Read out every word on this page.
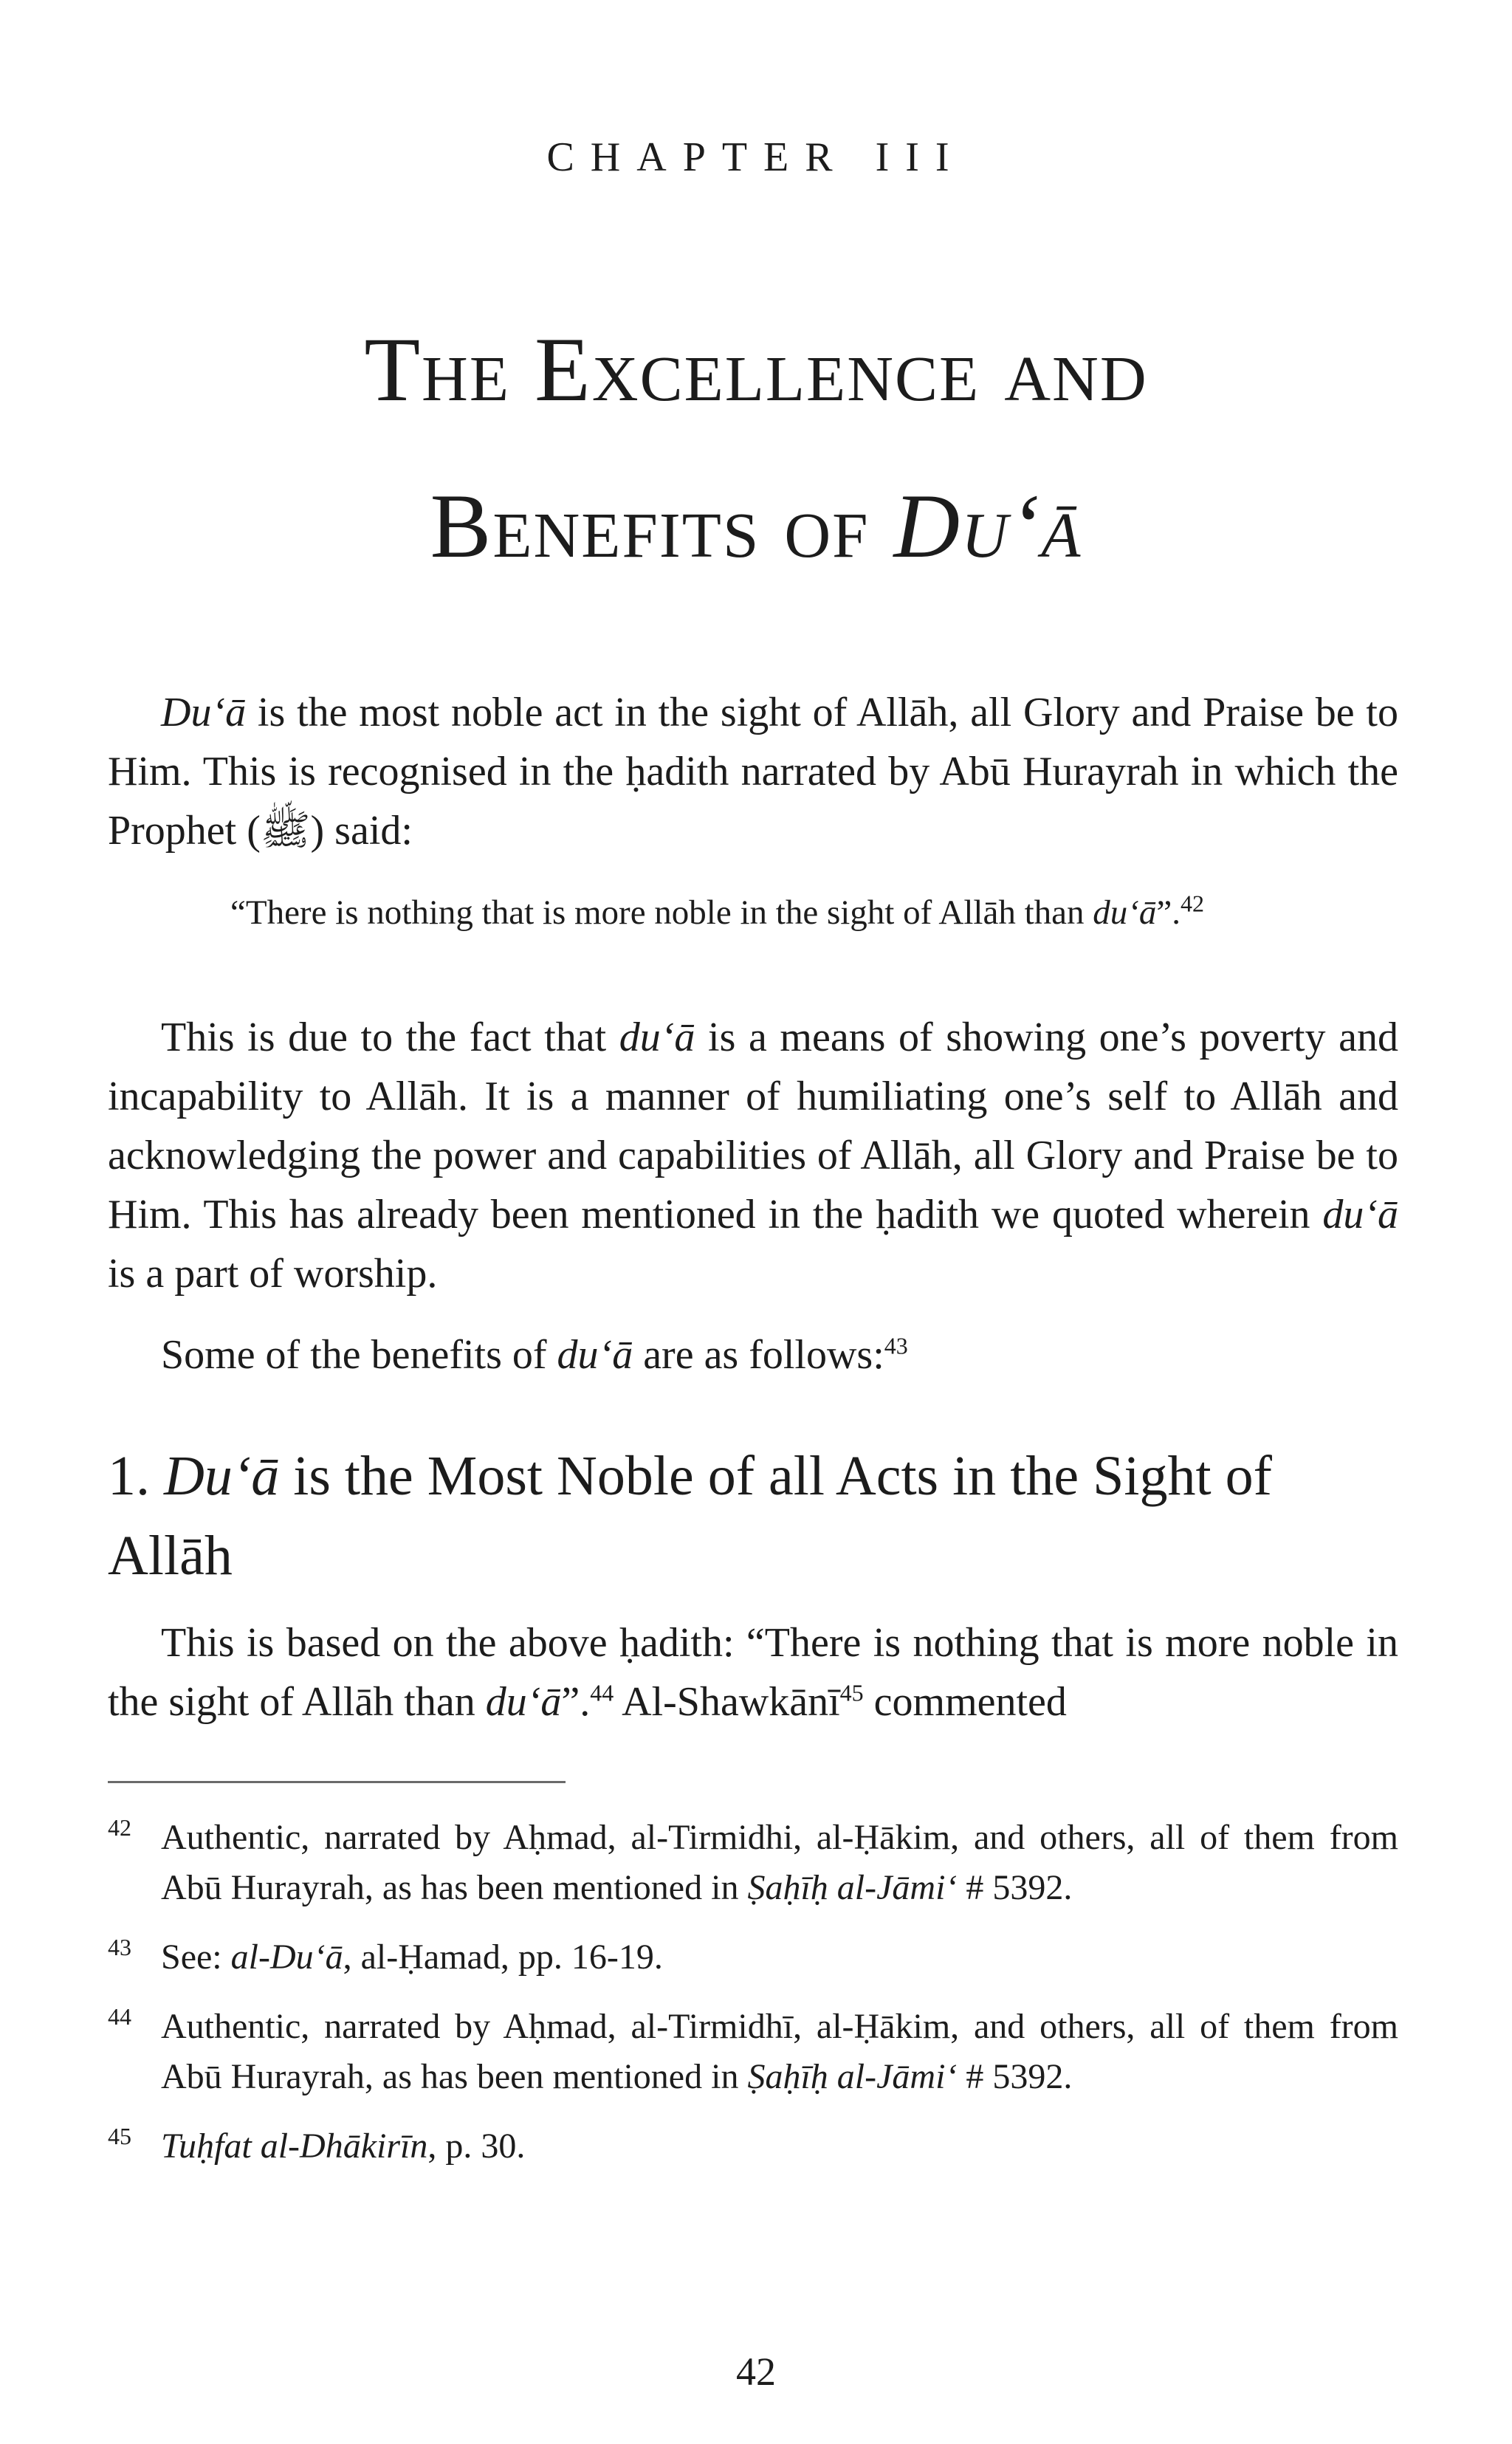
CHAPTER III
The Excellence and
Benefits of Du‘ā

Du‘ā is the most noble act in the sight of Allāh, all Glory and Praise be to Him. This is recognised in the ḥadith narrated by Abū Hurayrah in which the Prophet (ﷺ) said:

“There is nothing that is more noble in the sight of Allāh than du‘ā”.$^{42}$

This is due to the fact that du‘ā is a means of showing one’s poverty and incapability to Allāh. It is a manner of humiliating one’s self to Allāh and acknowledging the power and capabilities of Allāh, all Glory and Praise be to Him. This has already been mentioned in the ḥadith we quoted wherein du‘ā is a part of worship.

Some of the benefits of du‘ā are as follows:$^{43}$

1. Du‘ā is the Most Noble of all Acts in the Sight of Allāh

This is based on the above ḥadith: “There is nothing that is more noble in the sight of Allāh than du‘ā”.$^{44}$ Al-Shawkānī$^{45}$ commented

42 Authentic, narrated by Aḥmad, al-Tirmidhi, al-Ḥākim, and others, all of them from Abū Hurayrah, as has been mentioned in Ṣaḥīḥ al-Jāmi‘ # 5392.
43 See: al-Du‘ā, al-Ḥamad, pp. 16-19.
44 Authentic, narrated by Aḥmad, al-Tirmidhī, al-Ḥākim, and others, all of them from Abū Hurayrah, as has been mentioned in Ṣaḥīḥ al-Jāmi‘ # 5392.
45 Tuḥfat al-Dhākirīn, p. 30.
42
